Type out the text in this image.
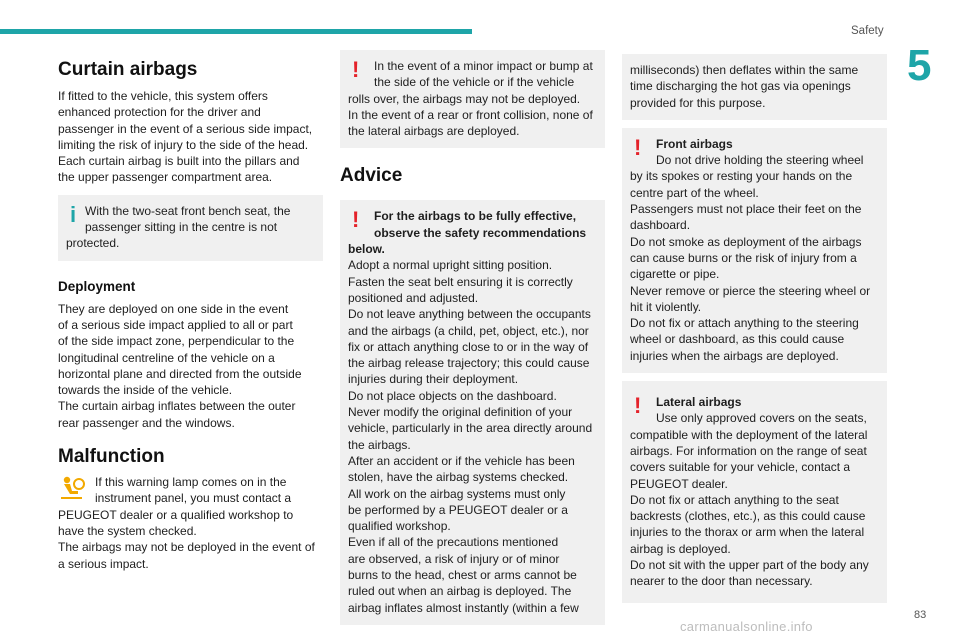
Safety
5
Curtain airbags

If fitted to the vehicle, this system offers
enhanced protection for the driver and
passenger in the event of a serious side impact,
limiting the risk of injury to the side of the head.
Each curtain airbag is built into the pillars and
the upper passenger compartment area.

i With the two-seat front bench seat, the

passenger sitting in the centre is not

protected.

Deployment

They are deployed on one side in the event
of a serious side impact applied to all or part
of the side impact zone, perpendicular to the
longitudinal centreline of the vehicle on a
horizontal plane and directed from the outside
towards the inside of the vehicle.
The curtain airbag inflates between the outer
rear passenger and the windows.

Malfunction

If this warning lamp comes on in the

instrument panel, you must contact a

PEUGEOT dealer or a qualified workshop to
have the system checked.
The airbags may not be deployed in the event of
a serious impact.

!	In the event of a minor impact or bump at

the side of the vehicle or if the vehicle

rolls over, the airbags may not be deployed.
In the event of a rear or front collision, none of
the lateral airbags are deployed.

Advice
!	For the airbags to be fully effective,

observe the safety recommendations

below.

Adopt a normal upright sitting position.
Fasten the seat belt ensuring it is correctly
positioned and adjusted.
Do not leave anything between the occupants
and the airbags (a child, pet, object, etc.), nor
fix or attach anything close to or in the way of
the airbag release trajectory; this could cause
injuries during their deployment.
Do not place objects on the dashboard.
Never modify the original definition of your
vehicle, particularly in the area directly around
the airbags.
After an accident or if the vehicle has been
stolen, have the airbag systems checked.
All work on the airbag systems must only
be performed by a PEUGEOT dealer or a
qualified workshop.
Even if all of the precautions mentioned
are observed, a risk of injury or of minor
burns to the head, chest or arms cannot be
ruled out when an airbag is deployed. The
airbag inflates almost instantly (within a few

milliseconds) then deflates within the same
time discharging the hot gas via openings
provided for this purpose.

!	Front airbags

Do not drive holding the steering wheel

by its spokes or resting your hands on the
centre part of the wheel.
Passengers must not place their feet on the
dashboard.
Do not smoke as deployment of the airbags
can cause burns or the risk of injury from a
cigarette or pipe.
Never remove or pierce the steering wheel or
hit it violently.
Do not fix or attach anything to the steering
wheel or dashboard, as this could cause
injuries when the airbags are deployed.

!	Lateral airbags

Use only approved covers on the seats,

compatible with the deployment of the lateral
airbags. For information on the range of seat
covers suitable for your vehicle, contact a
PEUGEOT dealer.
Do not fix or attach anything to the seat
backrests (clothes, etc.), as this could cause
injuries to the thorax or arm when the lateral
airbag is deployed.
Do not sit with the upper part of the body any
nearer to the door than necessary.

83
carmanualsonline.info
